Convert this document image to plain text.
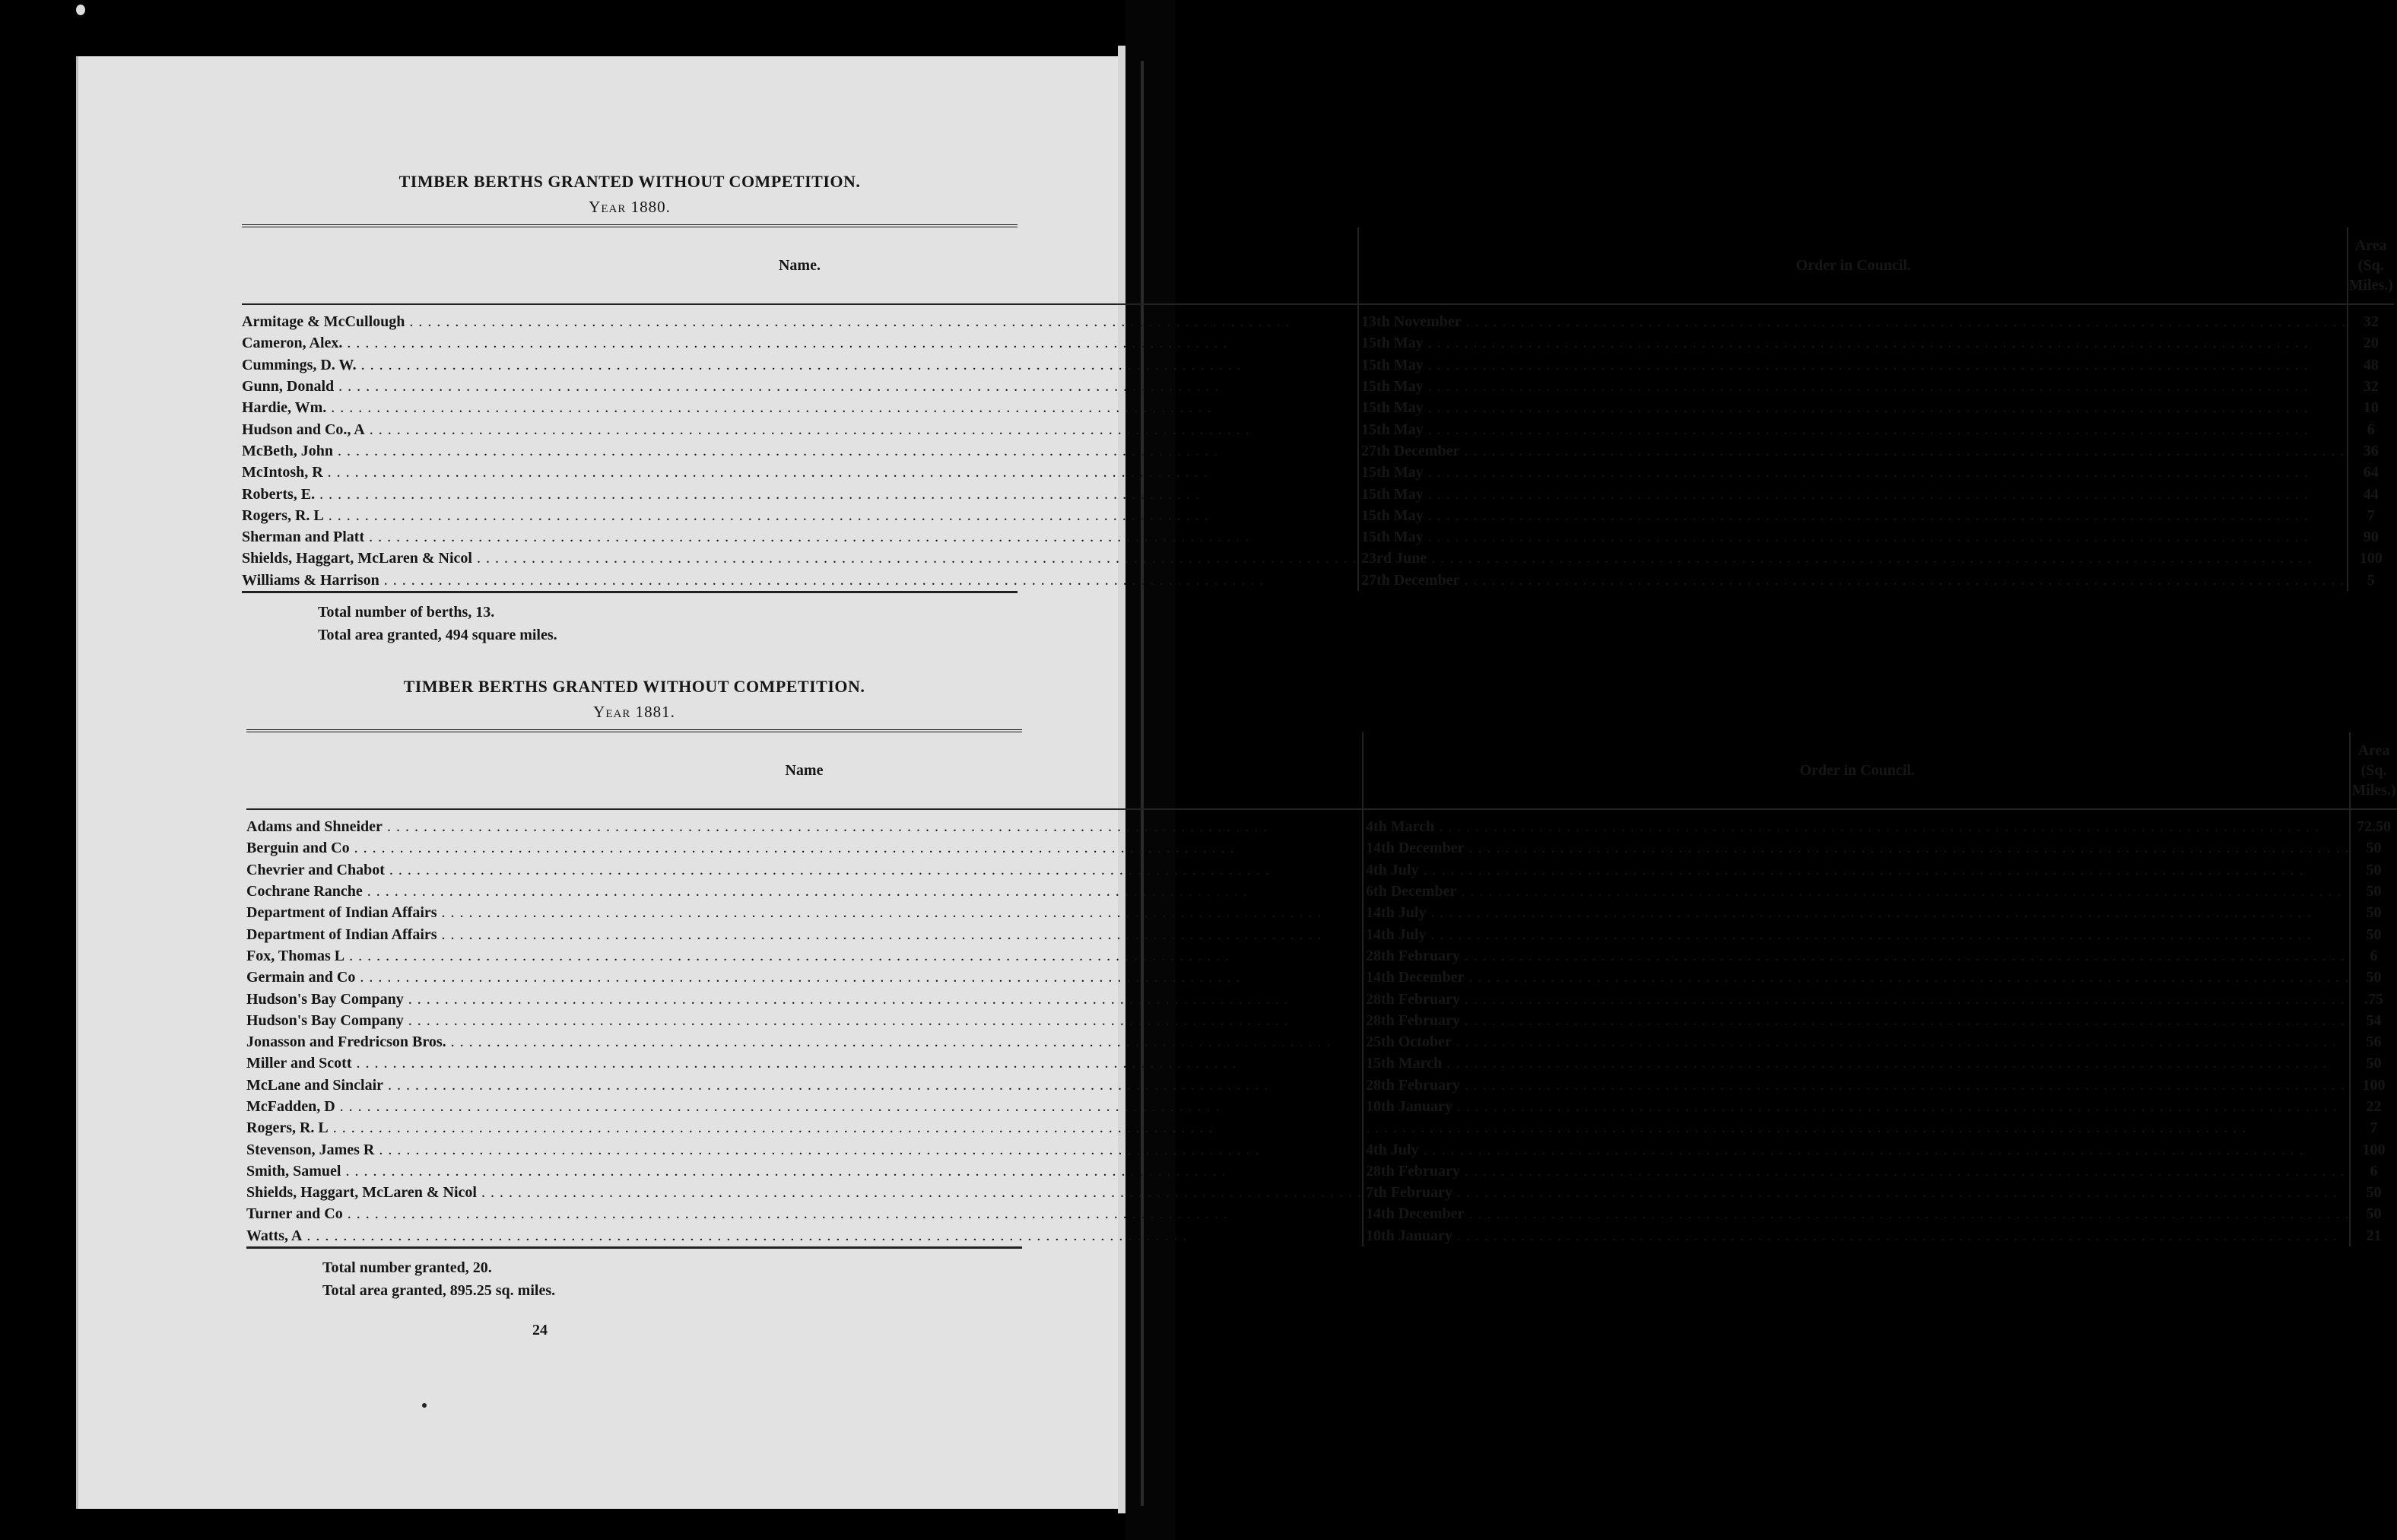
TIMBER BERTHS GRANTED WITHOUT COMPETITION.
Year 1880.
Name.	Order in Council.	Area
(Sq. Miles.)
Armitage & McCullough . . .	13th November . . .	32
Cameron, Alex. . . .	15th May . . .	20
Cummings, D. W. . . .	15th May . . .	48
Gunn, Donald . . .	15th May . . .	32
Hardie, Wm. . . .	15th May . . .	10
Hudson and Co., A . . .	15th May . . .	6
McBeth, John . . .	27th December . . .	36
McIntosh, R . . .	15th May . . .	64
Roberts, E. . . .	15th May . . .	44
Rogers, R. L . . .	15th May . . .	7
Sherman and Platt . . .	15th May . . .	90
Shields, Haggart, McLaren & Nicol . . .	23rd June . . .	100
Williams & Harrison . . .	27th December . . .	5
Total number of berths, 13.
Total area granted, 494 square miles.
TIMBER BERTHS GRANTED WITHOUT COMPETITION.
Year 1881.
Name	Order in Council.	Area
(Sq. Miles.)
Adams and Shneider . . .	4th March . . .	72.50
Berguin and Co . . .	14th December . . .	50
Chevrier and Chabot . . .	4th July . . .	50
Cochrane Ranche . . .	6th December . . .	50
Department of Indian Affairs . . .	14th July . . .	50
Department of Indian Affairs . . .	14th July . . .	50
Fox, Thomas L . . .	28th February . . .	6
Germain and Co . . .	14th December . . .	50
Hudson's Bay Company . . .	28th February . . .	.75
Hudson's Bay Company . . .	28th February . . .	54
Jonasson and Fredricson Bros. . . .	25th October . . .	56
Miller and Scott . . .	15th March . . .	50
McLane and Sinclair . . .	28th February . . .	100
McFadden, D . . .	10th January . . .	22
Rogers, R. L . . .	. . .	7
Stevenson, James R . . .	4th July . . .	100
Smith, Samuel . . .	28th February . . .	6
Shields, Haggart, McLaren & Nicol . . .	7th February . . .	50
Turner and Co . . .	14th December . . .	50
Watts, A . . .	10th January . . .	21
Total number granted, 20.
Total area granted, 895.25 sq. miles.
24
